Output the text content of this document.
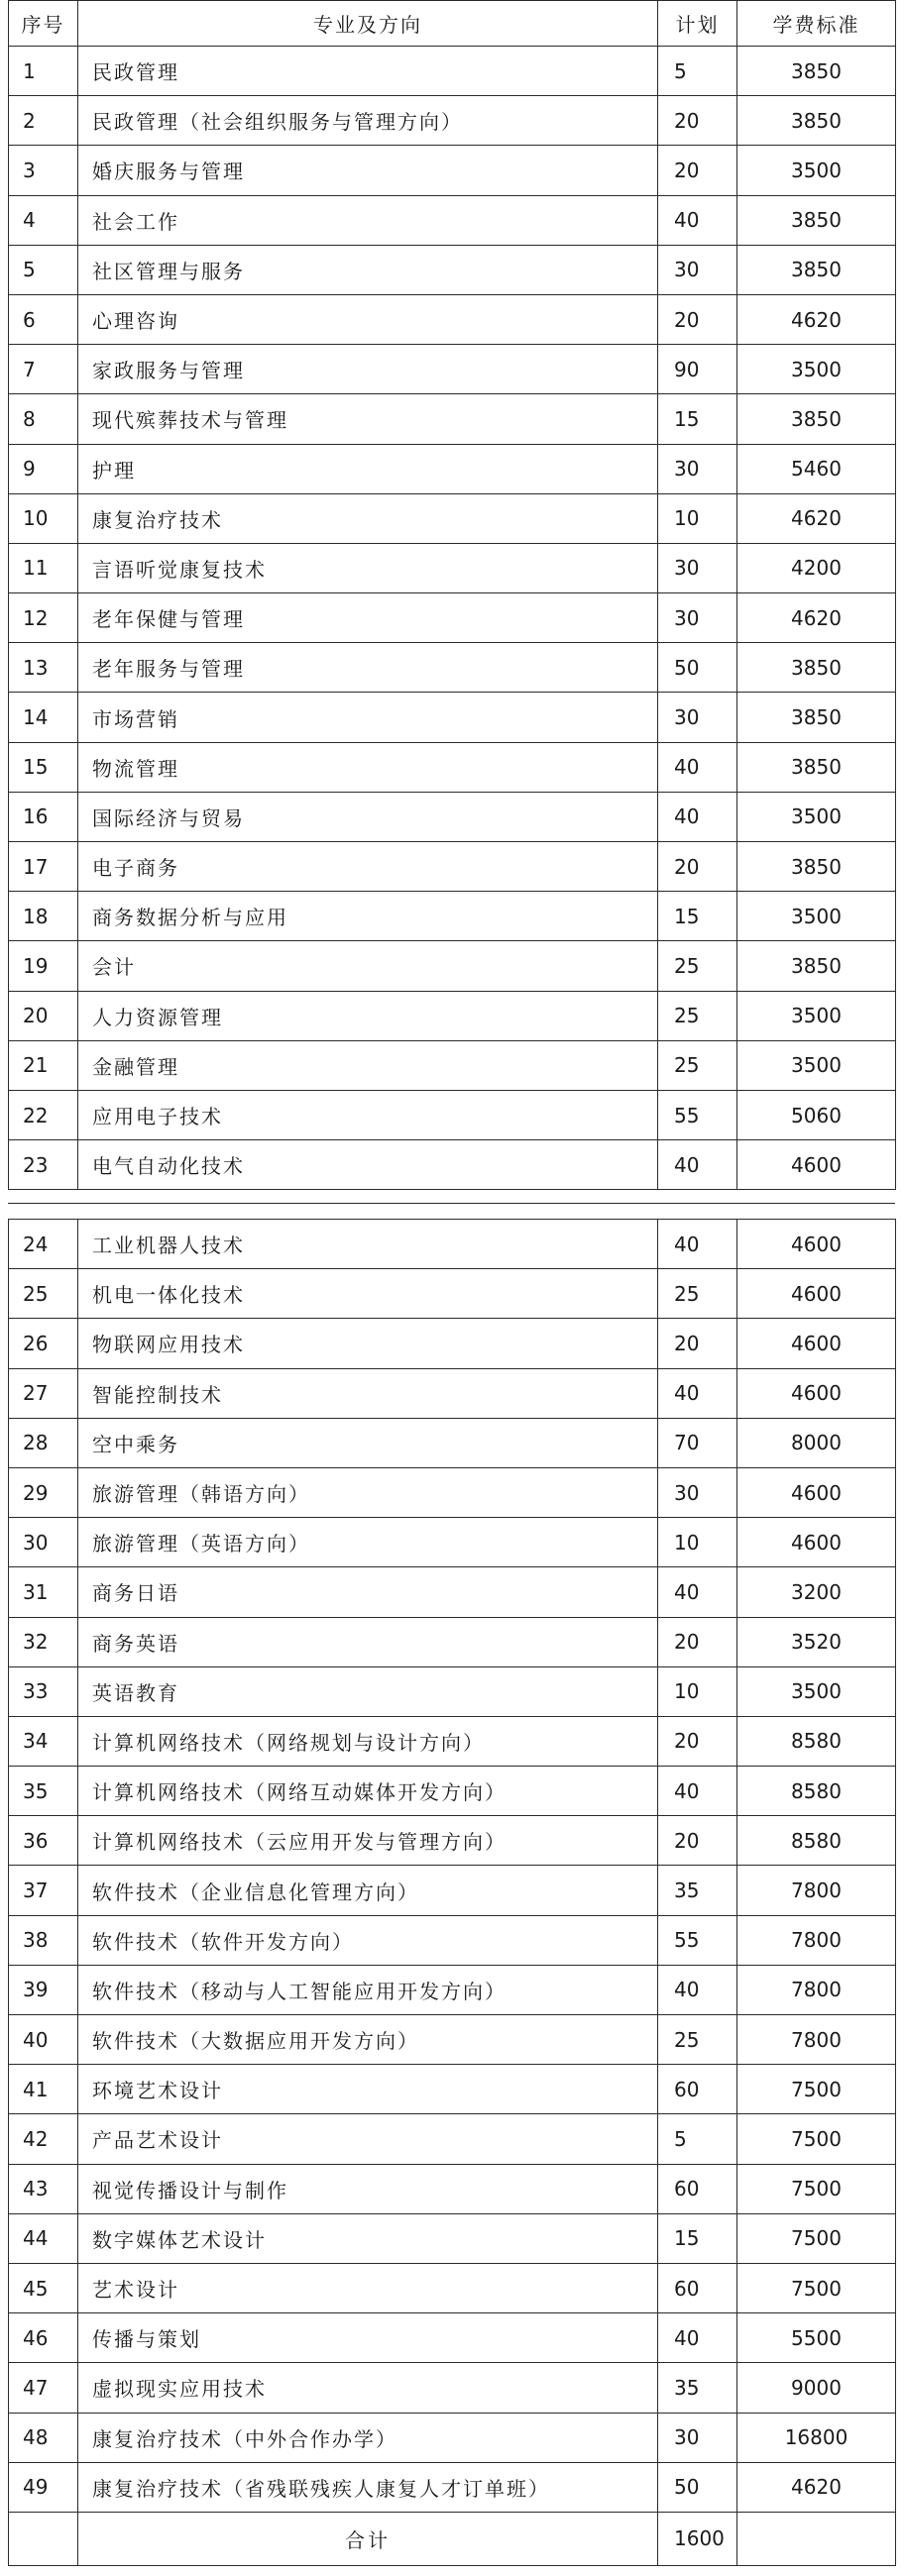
序号	专业及方向	计划	学费标准
1	民政管理	5	3850
2	民政管理（社会组织服务与管理方向）	20	3850
3	婚庆服务与管理	20	3500
4	社会工作	40	3850
5	社区管理与服务	30	3850
6	心理咨询	20	4620
7	家政服务与管理	90	3500
8	现代殡葬技术与管理	15	3850
9	护理	30	5460
10	康复治疗技术	10	4620
11	言语听觉康复技术	30	4200
12	老年保健与管理	30	4620
13	老年服务与管理	50	3850
14	市场营销	30	3850
15	物流管理	40	3850
16	国际经济与贸易	40	3500
17	电子商务	20	3850
18	商务数据分析与应用	15	3500
19	会计	25	3850
20	人力资源管理	25	3500
21	金融管理	25	3500
22	应用电子技术	55	5060
23	电气自动化技术	40	4600
24	工业机器人技术	40	4600
25	机电一体化技术	25	4600
26	物联网应用技术	20	4600
27	智能控制技术	40	4600
28	空中乘务	70	8000
29	旅游管理（韩语方向）	30	4600
30	旅游管理（英语方向）	10	4600
31	商务日语	40	3200
32	商务英语	20	3520
33	英语教育	10	3500
34	计算机网络技术（网络规划与设计方向）	20	8580
35	计算机网络技术（网络互动媒体开发方向）	40	8580
36	计算机网络技术（云应用开发与管理方向）	20	8580
37	软件技术（企业信息化管理方向）	35	7800
38	软件技术（软件开发方向）	55	7800
39	软件技术（移动与人工智能应用开发方向）	40	7800
40	软件技术（大数据应用开发方向）	25	7800
41	环境艺术设计	60	7500
42	产品艺术设计	5	7500
43	视觉传播设计与制作	60	7500
44	数字媒体艺术设计	15	7500
45	艺术设计	60	7500
46	传播与策划	40	5500
47	虚拟现实应用技术	35	9000
48	康复治疗技术（中外合作办学）	30	16800
49	康复治疗技术（省残联残疾人康复人才订单班）	50	4620
	合计	1600	
